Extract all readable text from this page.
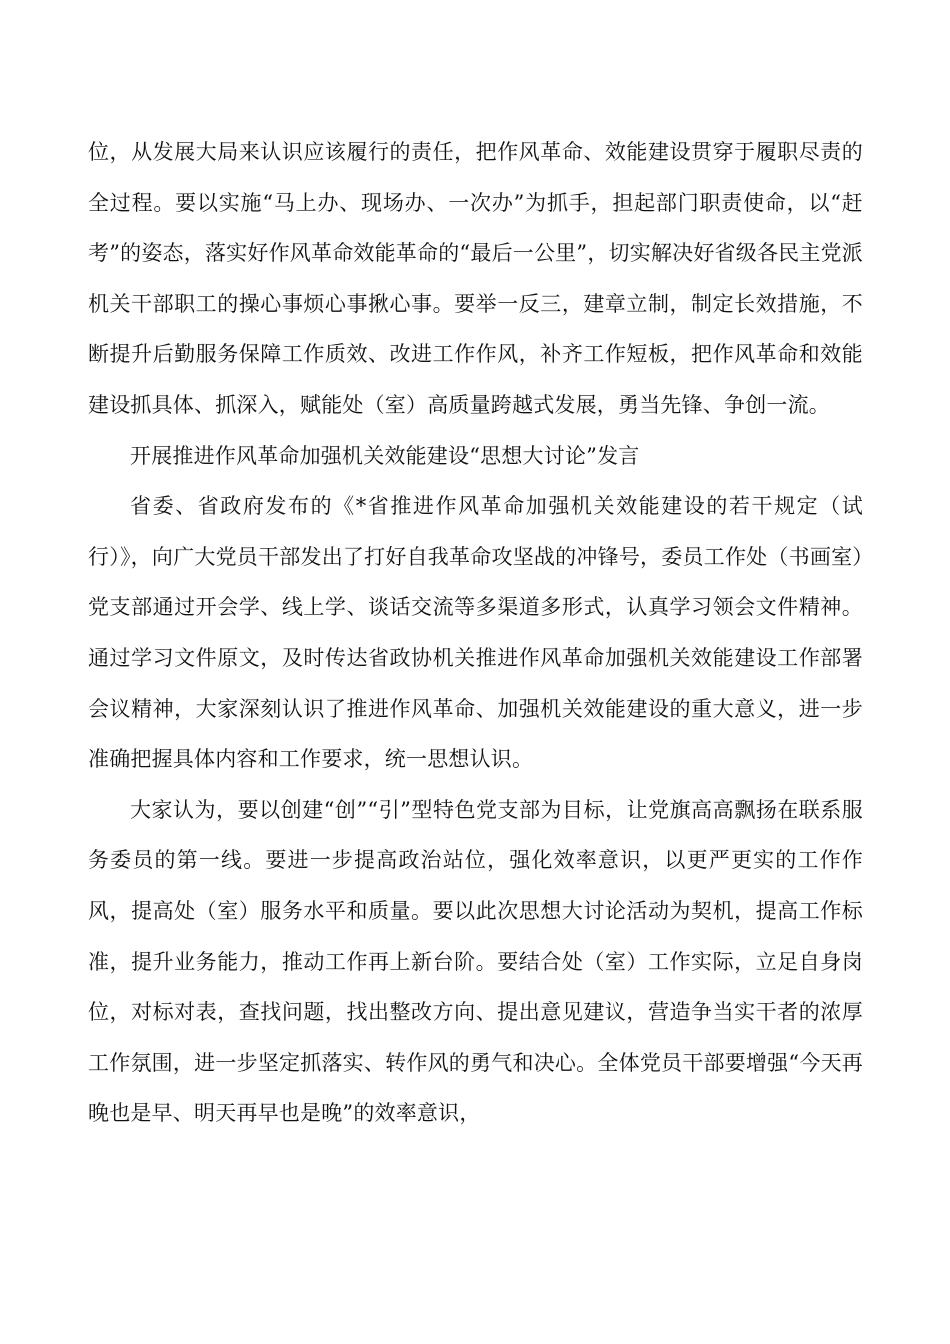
位，从发展大局来认识应该履行的责任，把作风革命、效能建设贯穿于履职尽责的全过程。要以实施“马上办、现场办、一次办”为抓手，担起部门职责使命，以“赶考”的姿态，落实好作风革命效能革命的“最后一公里”，切实解决好省级各民主党派机关干部职工的操心事烦心事揪心事。要举一反三，建章立制，制定长效措施，不断提升后勤服务保障工作质效、改进工作作风，补齐工作短板，把作风革命和效能建设抓具体、抓深入，赋能处（室）高质量跨越式发展，勇当先锋、争创一流。

开展推进作风革命加强机关效能建设“思想大讨论”发言

省委、省政府发布的《*省推进作风革命加强机关效能建设的若干规定（试行）》，向广大党员干部发出了打好自我革命攻坚战的冲锋号，委员工作处（书画室）党支部通过开会学、线上学、谈话交流等多渠道多形式，认真学习领会文件精神。通过学习文件原文，及时传达省政协机关推进作风革命加强机关效能建设工作部署会议精神，大家深刻认识了推进作风革命、加强机关效能建设的重大意义，进一步准确把握具体内容和工作要求，统一思想认识。

大家认为，要以创建“创”“引”型特色党支部为目标，让党旗高高飘扬在联系服务委员的第一线。要进一步提高政治站位，强化效率意识，以更严更实的工作作风，提高处（室）服务水平和质量。要以此次思想大讨论活动为契机，提高工作标准，提升业务能力，推动工作再上新台阶。要结合处（室）工作实际，立足自身岗位，对标对表，查找问题，找出整改方向、提出意见建议，营造争当实干者的浓厚工作氛围，进一步坚定抓落实、转作风的勇气和决心。全体党员干部要增强“今天再晚也是早、明天再早也是晚”的效率意识，
